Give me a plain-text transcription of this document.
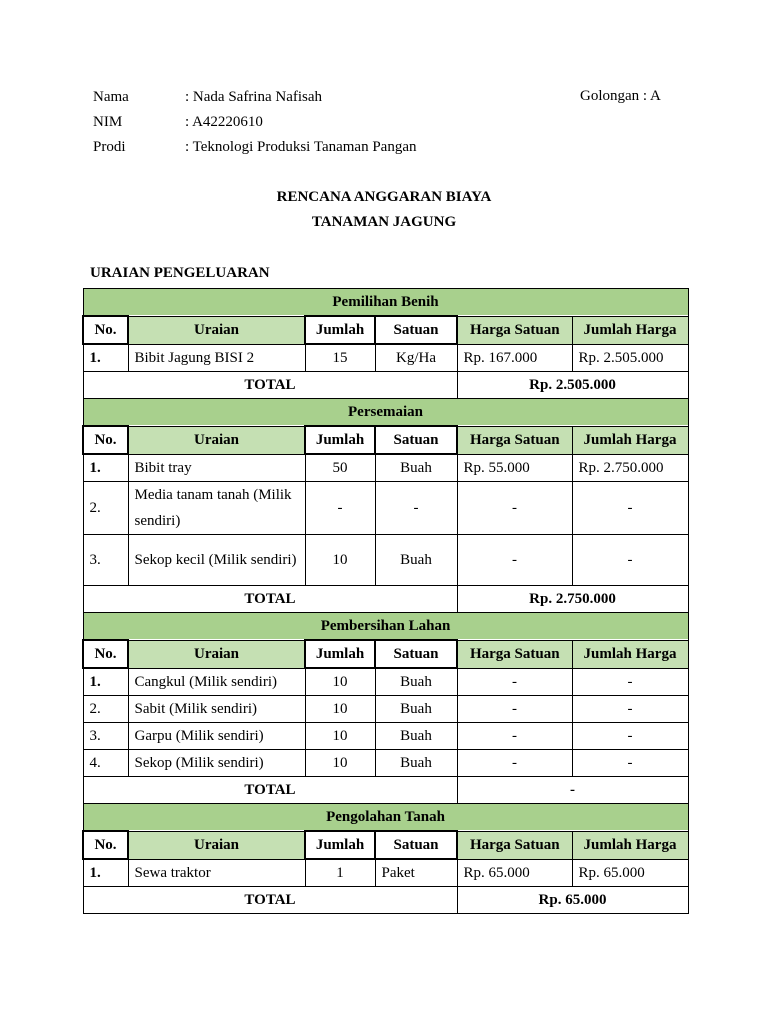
Nama	: Nada Safrina Nafisah
NIM	: A42220610
Prodi	: Teknologi Produksi Tanaman Pangan
Golongan : A
RENCANA ANGGARAN BIAYA
TANAMAN JAGUNG
URAIAN PENGELUARAN
Pemilihan Benih					
No.	Uraian	Jumlah	Satuan	Harga Satuan	Jumlah Harga
1.	Bibit Jagung BISI 2	15	Kg/Ha	Rp. 167.000	Rp. 2.505.000
TOTAL				Rp. 2.505.000	
Persemaian					
No.	Uraian	Jumlah	Satuan	Harga Satuan	Jumlah Harga
1.	Bibit tray	50	Buah	Rp. 55.000	Rp. 2.750.000
2.	Media tanam tanah (Milik sendiri)	-	-	-	-
3.	Sekop kecil (Milik sendiri)	10	Buah	-	-
TOTAL				Rp. 2.750.000	
Pembersihan Lahan					
No.	Uraian	Jumlah	Satuan	Harga Satuan	Jumlah Harga
1.	Cangkul (Milik sendiri)	10	Buah	-	-
2.	Sabit (Milik sendiri)	10	Buah	-	-
3.	Garpu (Milik sendiri)	10	Buah	-	-
4.	Sekop (Milik sendiri)	10	Buah	-	-
TOTAL				-	
Pengolahan Tanah					
No.	Uraian	Jumlah	Satuan	Harga Satuan	Jumlah Harga
1.	Sewa traktor	1	Paket	Rp. 65.000	Rp. 65.000
TOTAL				Rp. 65.000	
